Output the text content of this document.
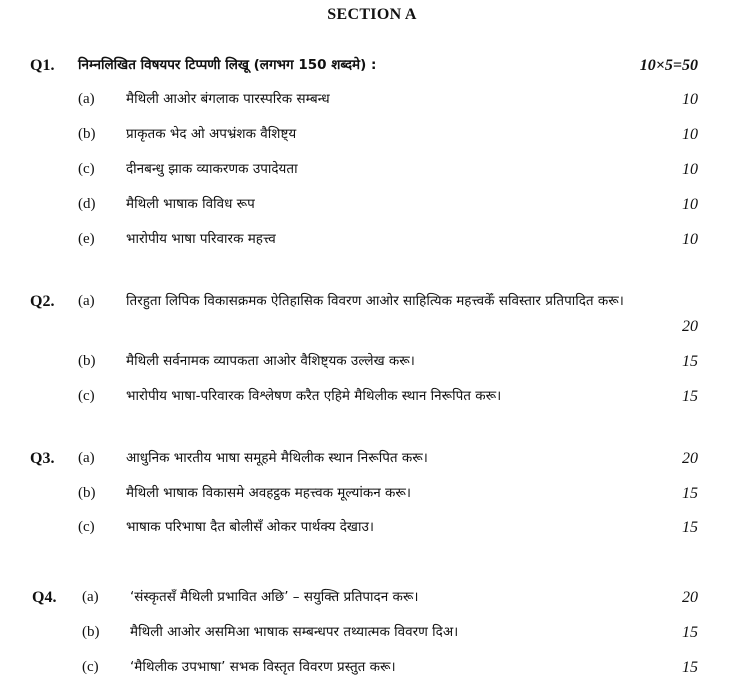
SECTION A
Q1. निम्नलिखित विषयपर टिप्पणी लिखू (लगभग 150 शब्दमे) :	10×5=50
(a) मैथिली आओर बंगलाक पारस्परिक सम्बन्ध	10
(b) प्राकृतक भेद ओ अपभ्रंशक वैशिष्ट्य	10
(c) दीनबन्धु झाक व्याकरणक उपादेयता	10
(d) मैथिली भाषाक विविध रूप	10
(e) भारोपीय भाषा परिवारक महत्त्व	10
Q2. (a) तिरहुता लिपिक विकासक्रमक ऐतिहासिक विवरण आओर साहित्यिक महत्त्वकेँ सविस्तार प्रतिपादित करू।
20
(b) मैथिली सर्वनामक व्यापकता आओर वैशिष्ट्यक उल्लेख करू।	15
(c) भारोपीय भाषा-परिवारक विश्लेषण करैत एहिमे मैथिलीक स्थान निरूपित करू।	15
Q3. (a) आधुनिक भारतीय भाषा समूहमे मैथिलीक स्थान निरूपित करू।	20
(b) मैथिली भाषाक विकासमे अवहट्ठक महत्त्वक मूल्यांकन करू।	15
(c) भाषाक परिभाषा दैत बोलीसँ ओकर पार्थक्य देखाउ।	15
Q4. (a) ‘संस्कृतसँ मैथिली प्रभावित अछि’ – सयुक्ति प्रतिपादन करू।	20
(b) मैथिली आओर असमिआ भाषाक सम्बन्धपर तथ्यात्मक विवरण दिअ।	15
(c) ‘मैथिलीक उपभाषा’ सभक विस्तृत विवरण प्रस्तुत करू।	15
